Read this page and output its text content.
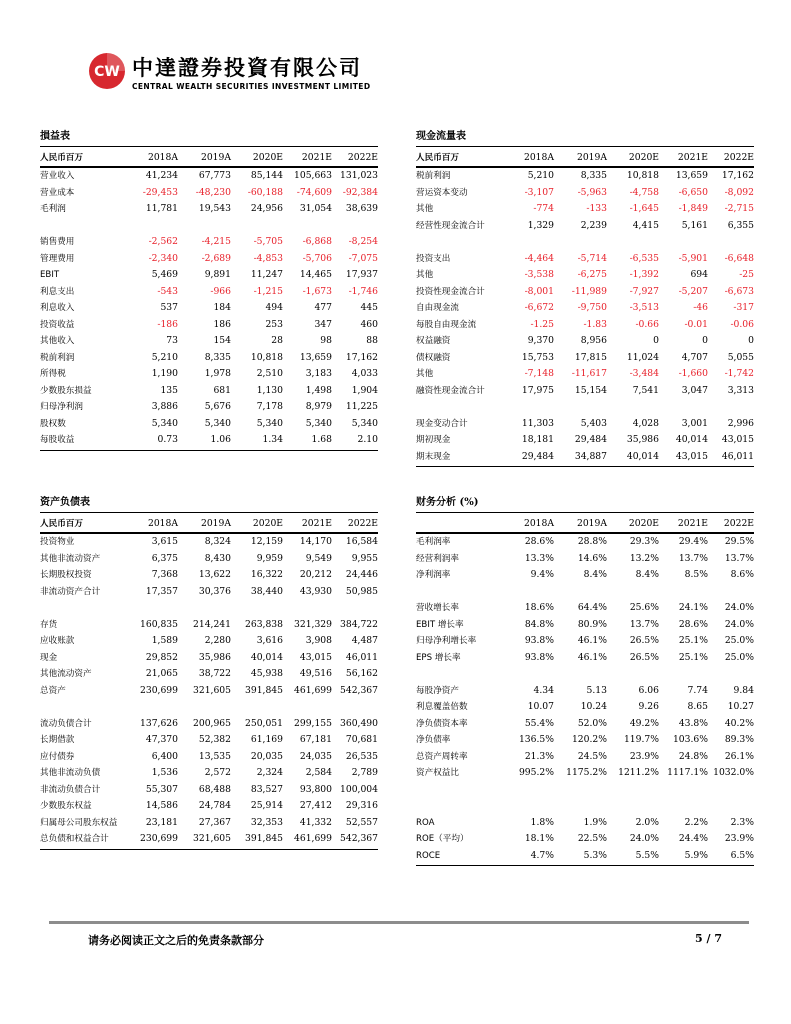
CW 中達證券投資有限公司
CENTRAL WEALTH SECURITIES INVESTMENT LIMITED
損益表
人民币百万	2018A	2019A	2020E	2021E	2022E
营业收入	41,234	67,773	85,144	105,663 131,023
营业成本	-29,453	-48,230	-60,188	-74,609	-92,384
毛利润	11,781	19,543	24,956	31,054	38,639
销售费用	-2,562	-4,215	-5,705	-6,868	-8,254
管理费用	-2,340	-2,689	-4,853	-5,706	-7,075
EBIT	5,469	9,891	11,247	14,465	17,937
利息支出	-543	-966	-1,215	-1,673	-1,746
利息收入	537	184	494	477	445
投资收益	-186	186	253	347	460
其他收入	73	154	28	98	88
税前利润	5,210	8,335	10,818	13,659	17,162
所得税	1,190	1,978	2,510	3,183	4,033
少数股东损益	135	681	1,130	1,498	1,904
归母净利润	3,886	5,676	7,178	8,979	11,225
股权数	5,340	5,340	5,340	5,340	5,340
每股收益	0.73	1.06	1.34	1.68	2.10
现金流量表
人民币百万	2018A	2019A	2020E	2021E	2022E
税前利润	5,210	8,335	10,818	13,659	17,162
营运资本变动	-3,107	-5,963	-4,758	-6,650	-8,092
其他	-774	-133	-1,645	-1,849	-2,715
经营性现金流合计	1,329	2,239	4,415	5,161	6,355
投资支出	-4,464	-5,714	-6,535	-5,901	-6,648
其他	-3,538	-6,275	-1,392	694	-25
投资性现金流合计	-8,001	-11,989	-7,927	-5,207	-6,673
自由现金流	-6,672	-9,750	-3,513	-46	-317
每股自由现金流	-1.25	-1.83	-0.66	-0.01	-0.06
权益融资	9,370	8,956	0	0	0
债权融资	15,753	17,815	11,024	4,707	5,055
其他	-7,148	-11,617	-3,484	-1,660	-1,742
融资性现金流合计	17,975	15,154	7,541	3,047	3,313
现金变动合计	11,303	5,403	4,028	3,001	2,996
期初现金	18,181	29,484	35,986	40,014	43,015
期末现金	29,484	34,887	40,014	43,015	46,011
资产负债表
人民币百万	2018A	2019A	2020E	2021E	2022E
投资物业	3,615	8,324	12,159	14,170	16,584
其他非流动资产	6,375	8,430	9,959	9,549	9,955
长期股权投资	7,368	13,622	16,322	20,212	24,446
非流动资产合计	17,357	30,376	38,440	43,930	50,985
存货	160,835	214,241	263,838	321,329 384,722
应收账款	1,589	2,280	3,616	3,908	4,487
现金	29,852	35,986	40,014	43,015	46,011
其他流动资产	21,065	38,722	45,938	49,516	56,162
总资产	230,699	321,605	391,845	461,699 542,367
流动负债合计	137,626	200,965	250,051	299,155 360,490
长期借款	47,370	52,382	61,169	67,181	70,681
应付债券	6,400	13,535	20,035	24,035	26,535
其他非流动负债	1,536	2,572	2,324	2,584	2,789
非流动负债合计	55,307	68,488	83,527	93,800 100,004
少数股东权益	14,586	24,784	25,914	27,412	29,316
归属母公司股东权益	23,181	27,367	32,353	41,332	52,557
总负债和权益合计	230,699	321,605	391,845	461,699 542,367
财务分析 (%)
2018A	2019A	2020E	2021E	2022E
毛利润率	28.6%	28.8%	29.3%	29.4%	29.5%
经营利润率	13.3%	14.6%	13.2%	13.7%	13.7%
净利润率	9.4%	8.4%	8.4%	8.5%	8.6%
营收增长率	18.6%	64.4%	25.6%	24.1%	24.0%
EBIT 增长率	84.8%	80.9%	13.7%	28.6%	24.0%
归母净利增长率	93.8%	46.1%	26.5%	25.1%	25.0%
EPS 增长率	93.8%	46.1%	26.5%	25.1%	25.0%
每股净资产	4.34	5.13	6.06	7.74	9.84
利息覆盖倍数	10.07	10.24	9.26	8.65	10.27
净负债资本率	55.4%	52.0%	49.2%	43.8%	40.2%
净负债率	136.5%	120.2%	119.7%	103.6%	89.3%
总资产周转率	21.3%	24.5%	23.9%	24.8%	26.1%
资产权益比	995.2%	1175.2%	1211.2% 1117.1% 1032.0%
ROA	1.8%	1.9%	2.0%	2.2%	2.3%
ROE（平均）	18.1%	22.5%	24.0%	24.4%	23.9%
ROCE	4.7%	5.3%	5.5%	5.9%	6.5%
请务必阅读正文之后的免责条款部分	5 / 7
